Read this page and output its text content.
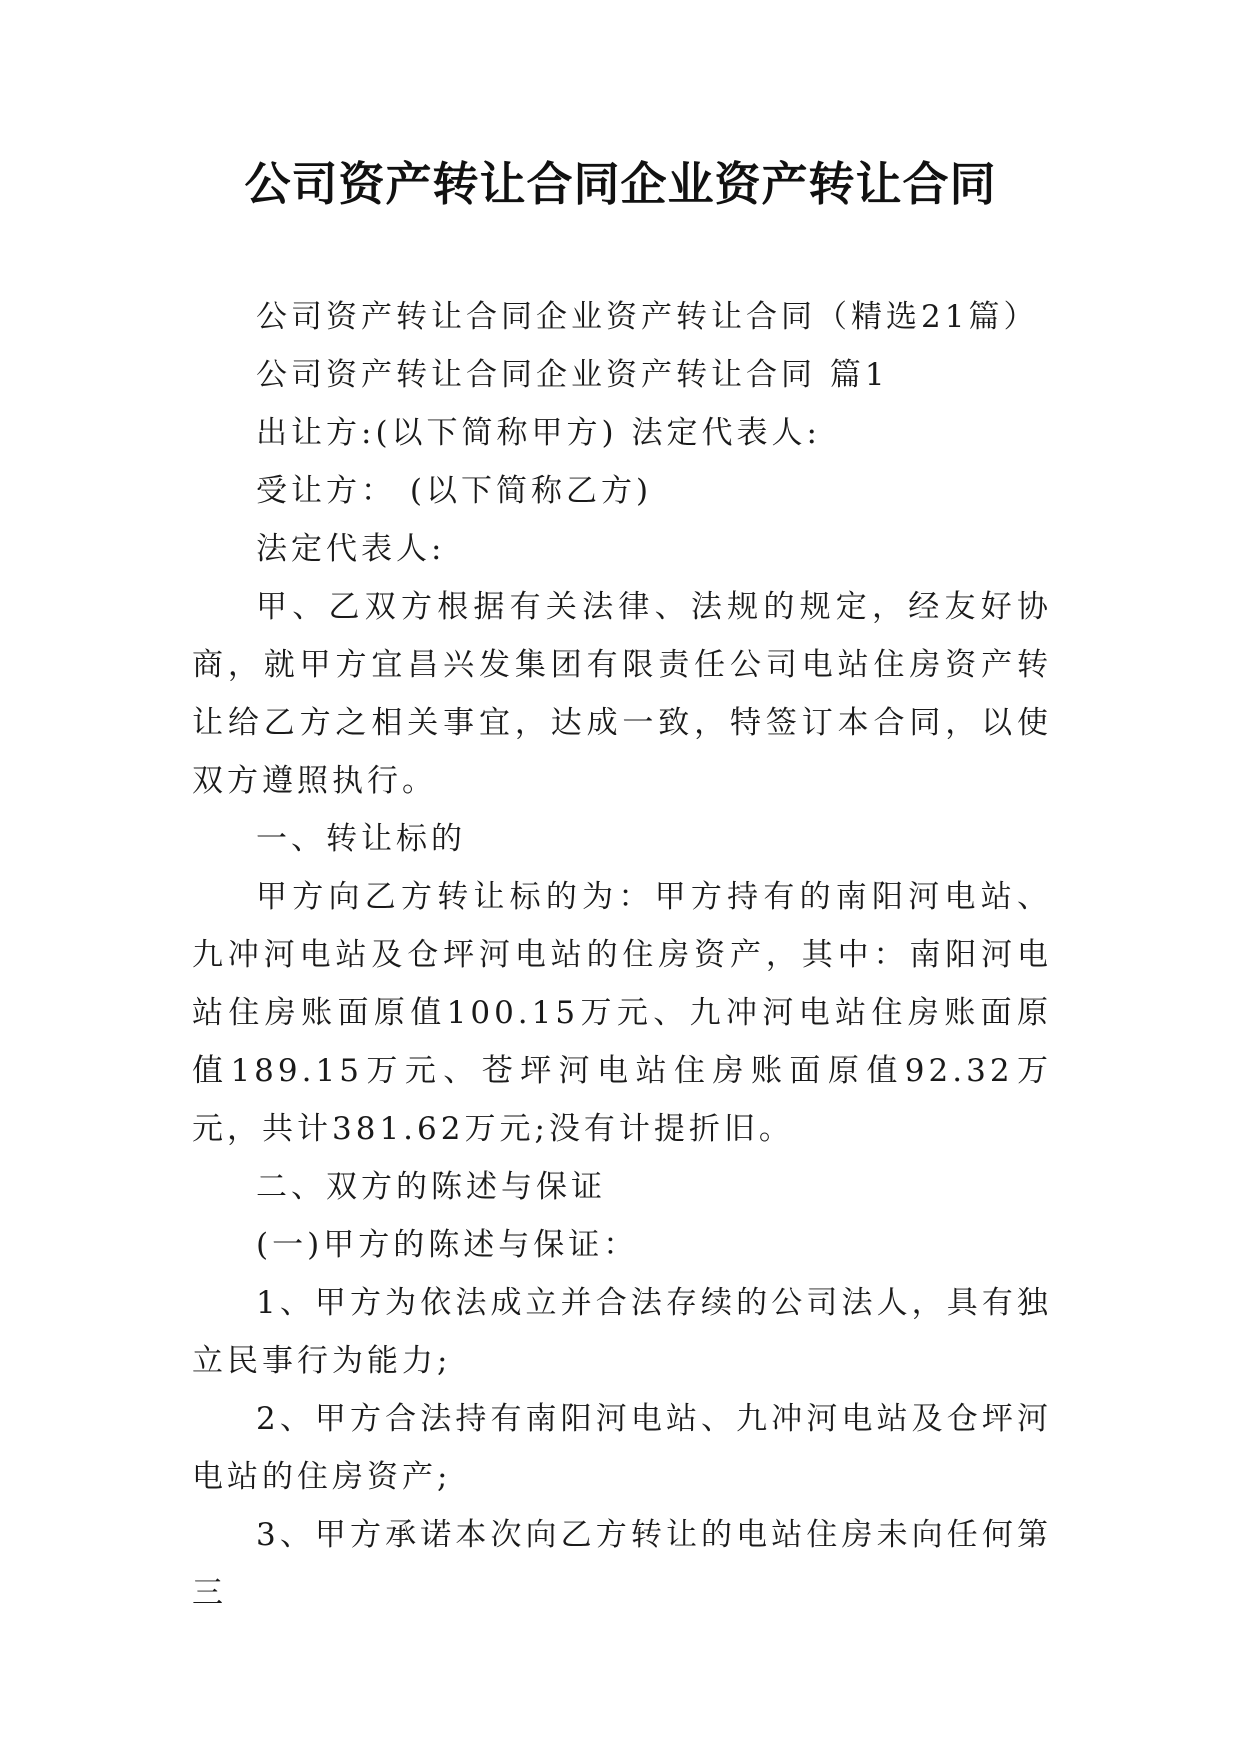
公司资产转让合同企业资产转让合同

公司资产转让合同企业资产转让合同（精选21篇）

公司资产转让合同企业资产转让合同 篇1

出让方:(以下简称甲方) 法定代表人:

受让方： (以下简称乙方)

法定代表人:

甲、乙双方根据有关法律、法规的规定，经友好协商，就甲方宜昌兴发集团有限责任公司电站住房资产转让给乙方之相关事宜，达成一致，特签订本合同，以使双方遵照执行。

一、转让标的

甲方向乙方转让标的为：甲方持有的南阳河电站、九冲河电站及仓坪河电站的住房资产，其中：南阳河电站住房账面原值100.15万元、九冲河电站住房账面原值189.15万元、苍坪河电站住房账面原值92.32万元，共计381.62万元;没有计提折旧。

二、双方的陈述与保证

(一)甲方的陈述与保证：

1、甲方为依法成立并合法存续的公司法人，具有独立民事行为能力;

2、甲方合法持有南阳河电站、九冲河电站及仓坪河电站的住房资产;

3、甲方承诺本次向乙方转让的电站住房未向任何第三
